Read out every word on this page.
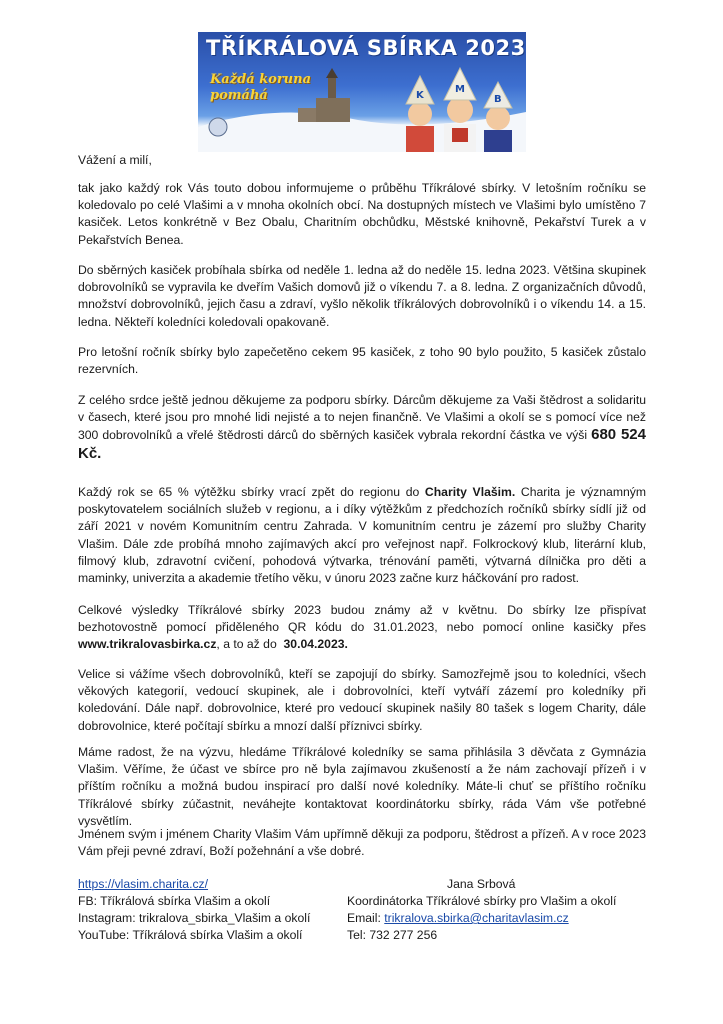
K
M
B
TŘÍKRÁLOVÁ SBÍRKA 2023
Každá koruna
pomáhá
Vážení a milí,
tak jako každý rok Vás touto dobou informujeme o průběhu Tříkrálové sbírky. V letošním ročníku se koledovalo po celé Vlašimi a v mnoha okolních obcí. Na dostupných místech ve Vlašimi bylo umístěno 7 kasiček. Letos konkrétně v Bez Obalu, Charitním obchůdku, Městské knihovně, Pekařství Turek a v Pekařstvích Benea.
Do sběrných kasiček probíhala sbírka od neděle 1. ledna až do neděle 15. ledna 2023. Většina skupinek dobrovolníků se vypravila ke dveřím Vašich domovů již o víkendu 7. a 8. ledna. Z organizačních důvodů, množství dobrovolníků, jejich času a zdraví, vyšlo několik tříkrálových dobrovolníků i o víkendu 14. a 15. ledna. Někteří koledníci koledovali opakovaně.
Pro letošní ročník sbírky bylo zapečetěno cekem 95 kasiček, z toho 90 bylo použito, 5 kasiček zůstalo rezervních.
Z celého srdce ještě jednou děkujeme za podporu sbírky. Dárcům děkujeme za Vaši štědrost a solidaritu v časech, které jsou pro mnohé lidi nejisté a to nejen finančně. Ve Vlašimi a okolí se s pomocí více než 300 dobrovolníků a vřelé štědrosti dárců do sběrných kasiček vybrala rekordní částka ve výši 680 524 Kč.
Každý rok se 65 % výtěžku sbírky vrací zpět do regionu do Charity Vlašim. Charita je významným poskytovatelem sociálních služeb v regionu, a i díky výtěžkům z předchozích ročníků sbírky sídlí již od září 2021 v novém Komunitním centru Zahrada. V komunitním centru je zázemí pro služby Charity Vlašim. Dále zde probíhá mnoho zajímavých akcí pro veřejnost např. Folkrockový klub, literární klub, filmový klub, zdravotní cvičení, pohodová výtvarka, trénování paměti, výtvarná dílnička pro děti a maminky, univerzita a akademie třetího věku, v únoru 2023 začne kurz háčkování pro radost.
Celkové výsledky Tříkrálové sbírky 2023 budou známy až v květnu. Do sbírky lze přispívat bezhotovostně pomocí přiděleného QR kódu do 31.01.2023, nebo pomocí online kasičky přes www.trikralovasbirka.cz, a to až do 30.04.2023.
Velice si vážíme všech dobrovolníků, kteří se zapojují do sbírky. Samozřejmě jsou to koledníci, všech věkových kategorií, vedoucí skupinek, ale i dobrovolníci, kteří vytváří zázemí pro koledníky při koledování. Dále např. dobrovolnice, které pro vedoucí skupinek našily 80 tašek s logem Charity, dále dobrovolnice, které počítají sbírku a mnozí další příznivci sbírky.
Máme radost, že na výzvu, hledáme Tříkrálové koledníky se sama přihlásila 3 děvčata z Gymnázia Vlašim. Věříme, že účast ve sbírce pro ně byla zajímavou zkušeností a že nám zachovají přízeň i v příštím ročníku a možná budou inspirací pro další nové koledníky. Máte-li chuť se příštího ročníku Tříkrálové sbírky zúčastnit, neváhejte kontaktovat koordinátorku sbírky, ráda Vám vše potřebné vysvětlím.
Jménem svým i jménem Charity Vlašim Vám upřímně děkuji za podporu, štědrost a přízeň. A v roce 2023 Vám přeji pevné zdraví, Boží požehnání a vše dobré.
https://vlasim.charita.cz/
FB: Tříkrálová sbírka Vlašim a okolí
Instagram: trikralova_sbirka_Vlašim a okolí
YouTube: Tříkrálová sbírka Vlašim a okolí
Jana Srbová
Koordinátorka Tříkrálové sbírky pro Vlašim a okolí
Email: trikralova.sbirka@charitavlasim.cz
Tel: 732 277 256
